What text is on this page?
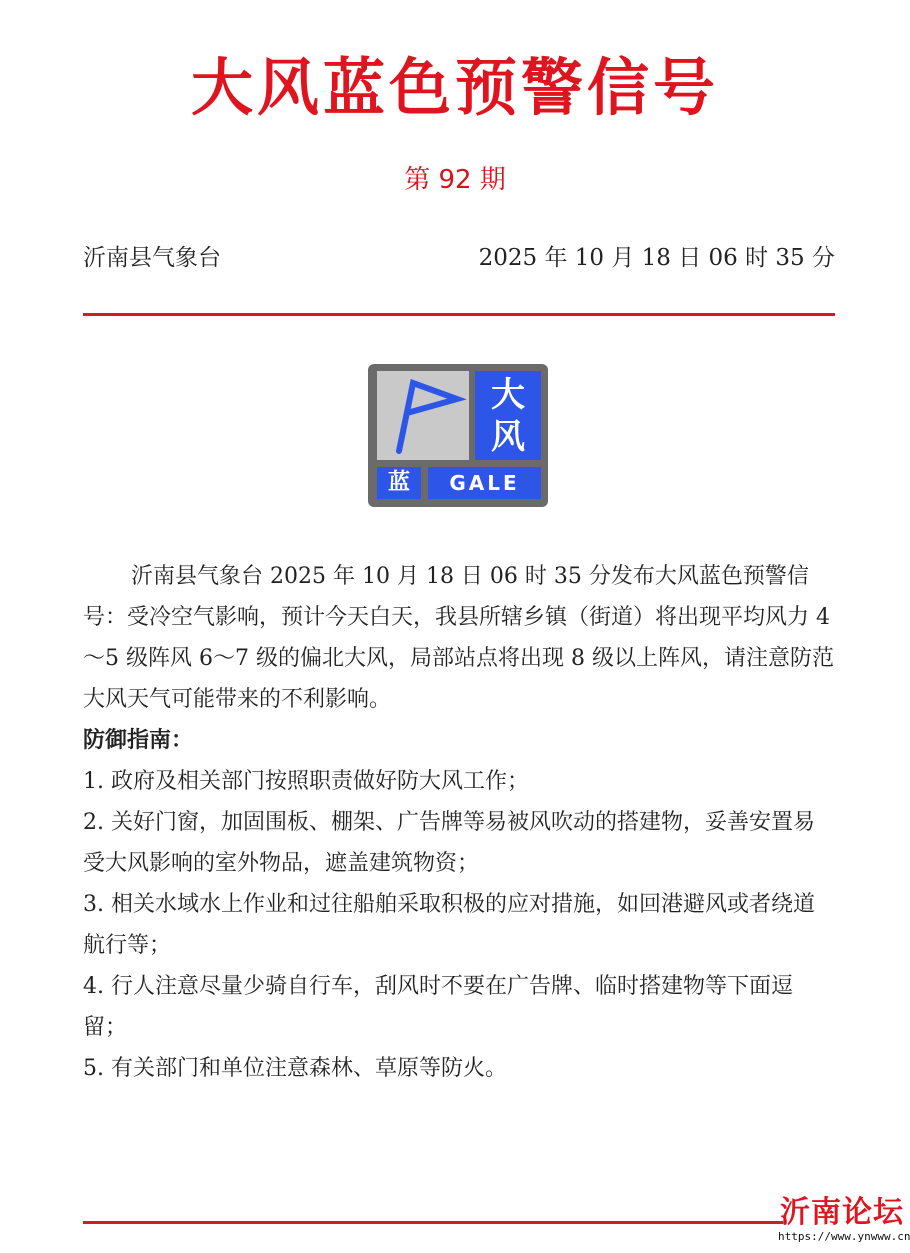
大风蓝色预警信号
第 92 期
沂南县气象台	2025 年 10 月 18 日 06 时 35 分
大
风
蓝	GALE

沂南县气象台 2025 年 10 月 18 日 06 时 35 分发布大风蓝色预警信号：受冷空气影响，预计今天白天，我县所辖乡镇（街道）将出现平均风力 4～5 级阵风 6～7 级的偏北大风，局部站点将出现 8 级以上阵风，请注意防范大风天气可能带来的不利影响。

防御指南：

1. 政府及相关部门按照职责做好防大风工作；

2. 关好门窗，加固围板、棚架、广告牌等易被风吹动的搭建物，妥善安置易受大风影响的室外物品，遮盖建筑物资；

3. 相关水域水上作业和过往船舶采取积极的应对措施，如回港避风或者绕道航行等；

4. 行人注意尽量少骑自行车，刮风时不要在广告牌、临时搭建物等下面逗留；

5. 有关部门和单位注意森林、草原等防火。

沂南论坛
https://www.ynwww.cn
